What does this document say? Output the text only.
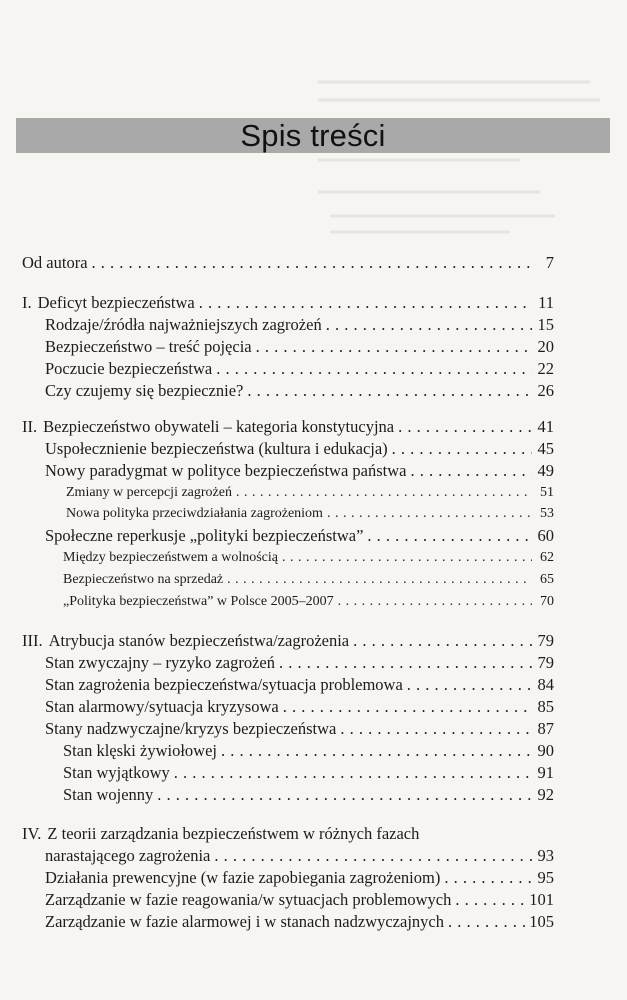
Spis treści
Od autora . . .	7
I. Deficyt bezpieczeństwa . . .	11
Rodzaje/źródła najważniejszych zagrożeń . . .	15
Bezpieczeństwo – treść pojęcia . . .	20
Poczucie bezpieczeństwa . . .	22
Czy czujemy się bezpiecznie? . . .	26
II. Bezpieczeństwo obywateli – kategoria konstytucyjna . . .	41
Uspołecznienie bezpieczeństwa (kultura i edukacja) . . .	45
Nowy paradygmat w polityce bezpieczeństwa państwa . . .	49
Zmiany w percepcji zagrożeń . . .	51
Nowa polityka przeciwdziałania zagrożeniom . . .	53
Społeczne reperkusje „polityki bezpieczeństwa” . . .	60
Między bezpieczeństwem a wolnością . . .	62
Bezpieczeństwo na sprzedaż . . .	65
„Polityka bezpieczeństwa” w Polsce 2005–2007 . . .	70
III. Atrybucja stanów bezpieczeństwa/zagrożenia . . .	79
Stan zwyczajny – ryzyko zagrożeń . . .	79
Stan zagrożenia bezpieczeństwa/sytuacja problemowa . . .	84
Stan alarmowy/sytuacja kryzysowa . . .	85
Stany nadzwyczajne/kryzys bezpieczeństwa . . .	87
Stan klęski żywiołowej . . .	90
Stan wyjątkowy . . .	91
Stan wojenny . . .	92
IV. Z teorii zarządzania bezpieczeństwem w różnych fazach
narastającego zagrożenia . . .	93
Działania prewencyjne (w fazie zapobiegania zagrożeniom) . . .	95
Zarządzanie w fazie reagowania/w sytuacjach problemowych . . .	101
Zarządzanie w fazie alarmowej i w stanach nadzwyczajnych . . .	105
